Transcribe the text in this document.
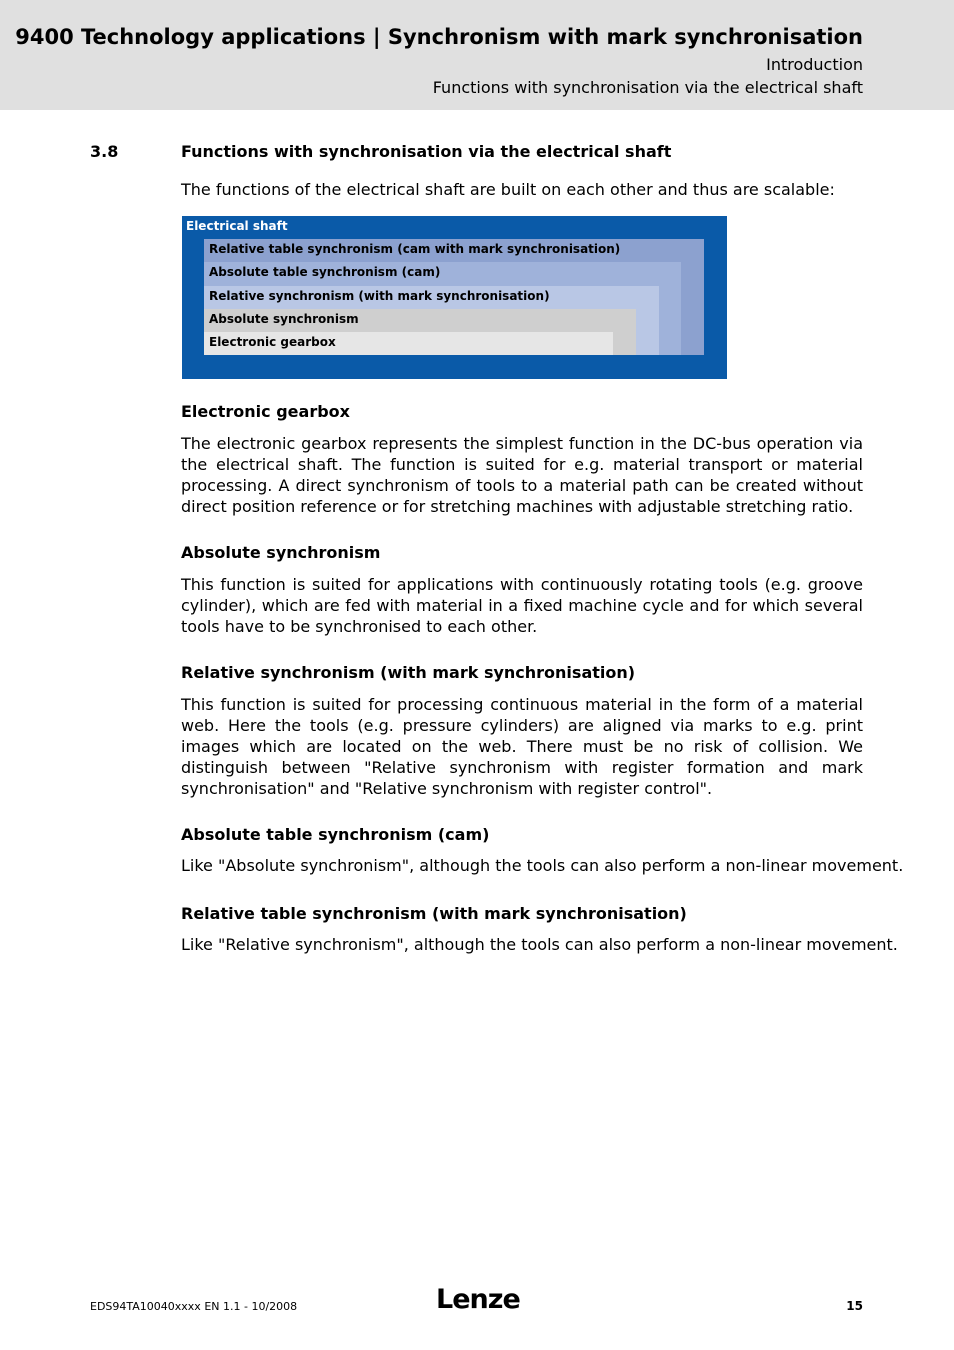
9400 Technology applications | Synchronism with mark synchronisation
Introduction
Functions with synchronisation via the electrical shaft
3.8	Functions with synchronisation via the electrical shaft
The functions of the electrical shaft are built on each other and thus are scalable:
Electrical shaft
Relative table synchronism (cam with mark synchronisation)
Absolute table synchronism (cam)
Relative synchronism (with mark synchronisation)
Absolute synchronism
Electronic gearbox
Electronic gearbox
The electronic gearbox represents the simplest function in the DC-bus operation via the electrical shaft. The function is suited for e.g. material transport or material processing. A direct synchronism of tools to a material path can be created without direct position reference or for stretching machines with adjustable stretching ratio.
Absolute synchronism
This function is suited for applications with continuously rotating tools (e.g. groove cylinder), which are fed with material in a fixed machine cycle and for which several tools have to be synchronised to each other.
Relative synchronism (with mark synchronisation)
This function is suited for processing continuous material in the form of a material web. Here the tools (e.g. pressure cylinders) are aligned via marks to e.g. print images which are located on the web. There must be no risk of collision. We distinguish between "Relative synchronism with register formation and mark synchronisation" and "Relative synchronism with register control".
Absolute table synchronism (cam)
Like "Absolute synchronism", although the tools can also perform a non-linear movement.
Relative table synchronism (with mark synchronisation)
Like "Relative synchronism", although the tools can also perform a non-linear movement.
EDS94TA10040xxxx EN 1.1 - 10/2008	Lenze	15
